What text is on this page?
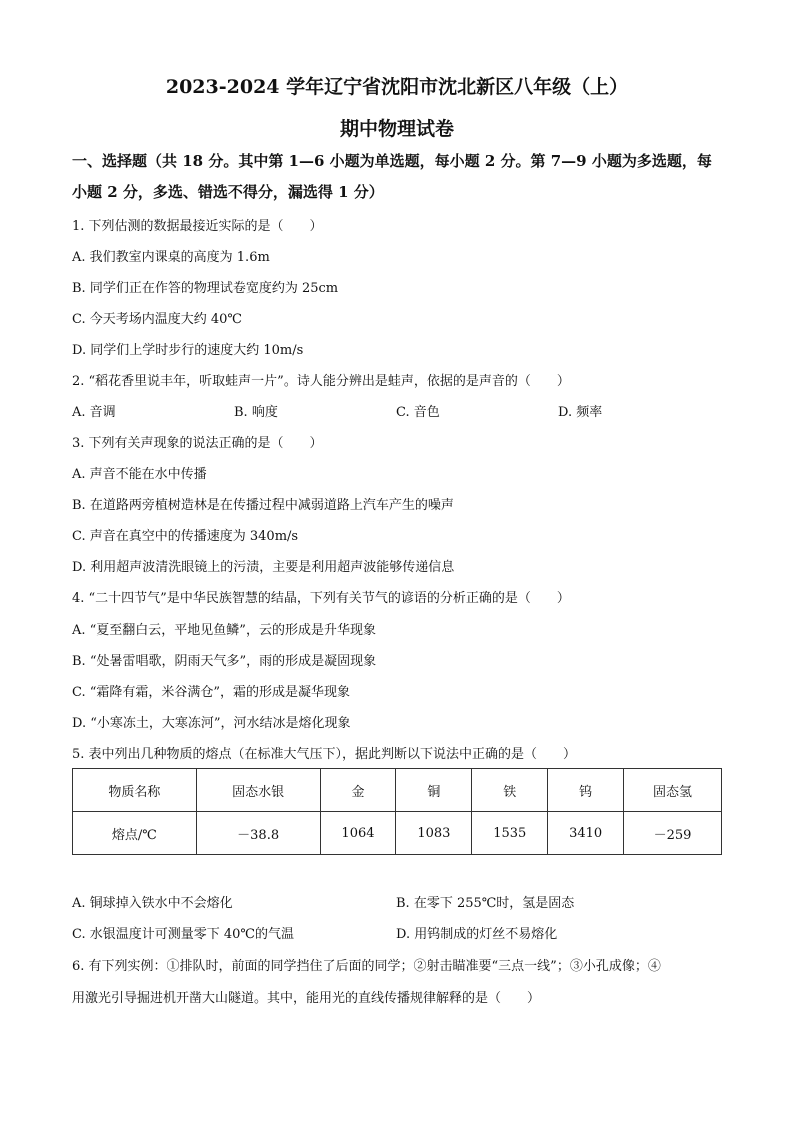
2023-2024 学年辽宁省沈阳市沈北新区八年级（上）
期中物理试卷
一、选择题（共 18 分。其中第 1—6 小题为单选题，每小题 2 分。第 7—9 小题为多选题，每
小题 2 分，多选、错选不得分，漏选得 1 分）
1. 下列估测的数据最接近实际的是（　　）
A. 我们教室内课桌的高度为 1.6m
B. 同学们正在作答的物理试卷宽度约为 25cm
C. 今天考场内温度大约 40℃
D. 同学们上学时步行的速度大约 10m/s
2. “稻花香里说丰年，听取蛙声一片”。诗人能分辨出是蛙声，依据的是声音的（　　）
A. 音调	B. 响度	C. 音色	D. 频率
3. 下列有关声现象的说法正确的是（　　）
A. 声音不能在水中传播
B. 在道路两旁植树造林是在传播过程中减弱道路上汽车产生的噪声
C. 声音在真空中的传播速度为 340m/s
D. 利用超声波清洗眼镜上的污渍，主要是利用超声波能够传递信息
4. “二十四节气”是中华民族智慧的结晶，下列有关节气的谚语的分析正确的是（　　）
A. “夏至翻白云，平地见鱼鳞”，云的形成是升华现象
B. “处暑雷唱歌，阴雨天气多”，雨的形成是凝固现象
C. “霜降有霜，米谷满仓”，霜的形成是凝华现象
D. “小寒冻土，大寒冻河”，河水结冰是熔化现象
5. 表中列出几种物质的熔点（在标准大气压下），据此判断以下说法中正确的是（　　）
物质名称	固态水银	金	铜	铁	钨	固态氢
熔点/℃	－38.8	1064	1083	1535	3410	－259
A. 铜球掉入铁水中不会熔化	B. 在零下 255℃时，氢是固态
C. 水银温度计可测量零下 40℃的气温	D. 用钨制成的灯丝不易熔化
6. 有下列实例：①排队时，前面的同学挡住了后面的同学；②射击瞄准要“三点一线”；③小孔成像；④
用激光引导掘进机开凿大山隧道。其中，能用光的直线传播规律解释的是（　　）
